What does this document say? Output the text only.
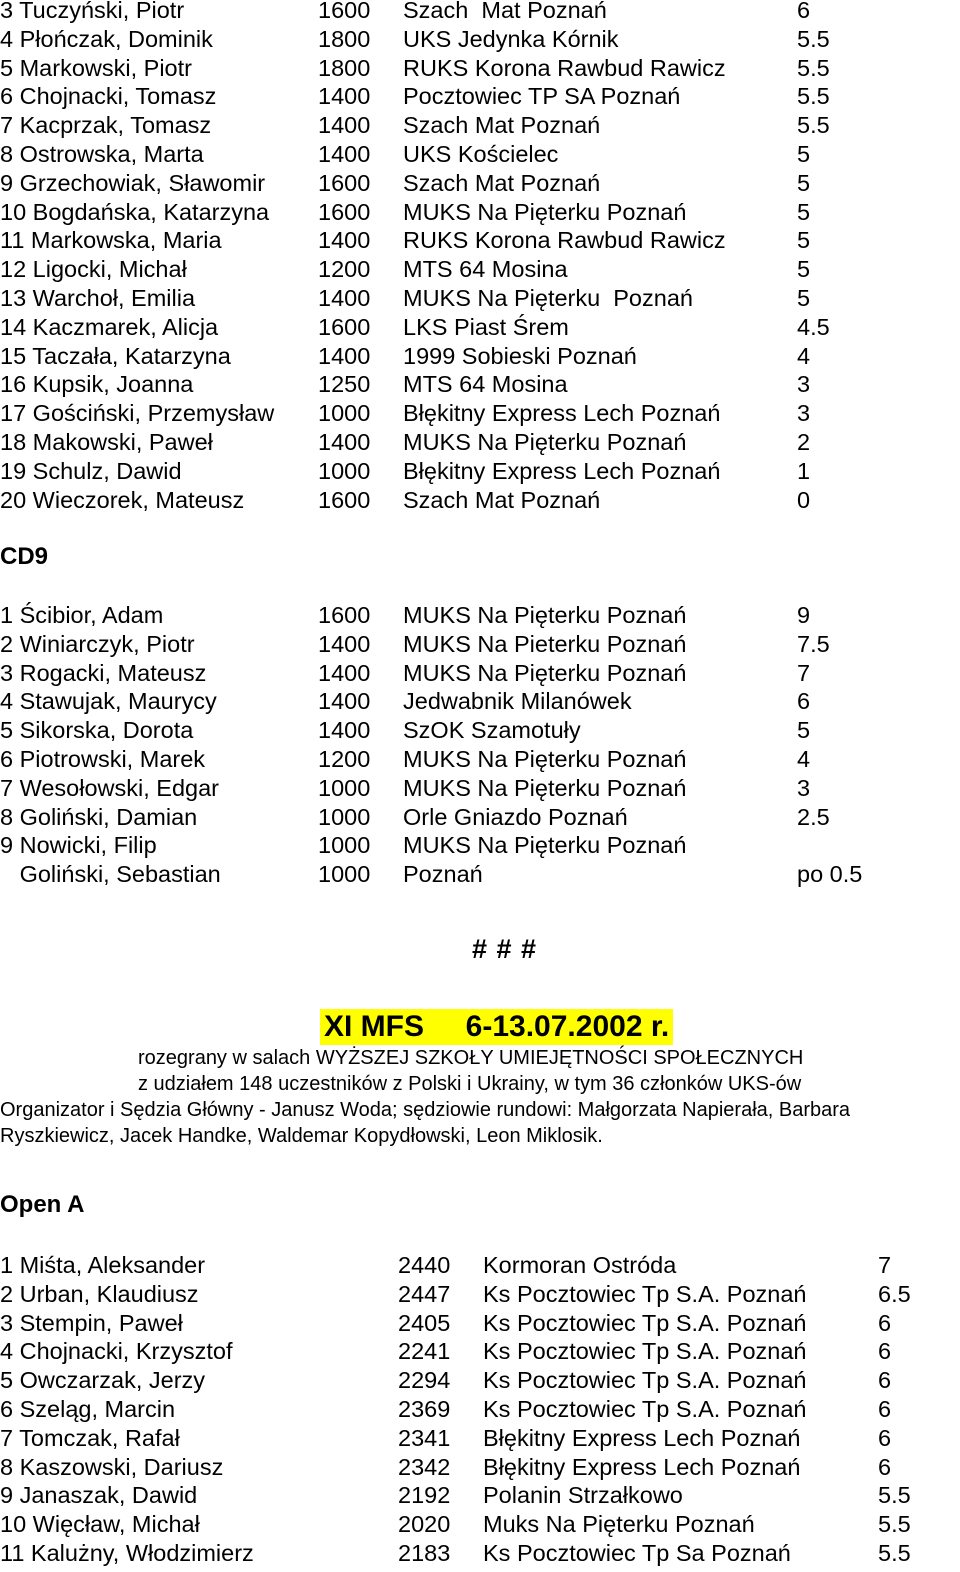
3 Tuczyński, Piotr	1600 Szach  Mat Poznań	6
4 Płończak, Dominik	1800 UKS Jedynka Kórnik	5.5
5 Markowski, Piotr	1800 RUKS Korona Rawbud Rawicz	5.5
6 Chojnacki, Tomasz	1400 Pocztowiec TP SA Poznań	5.5
7 Kacprzak, Tomasz	1400 Szach Mat Poznań	5.5
8 Ostrowska, Marta	1400 UKS Kościelec	5
9 Grzechowiak, Sławomir 1600 Szach Mat Poznań	5
10 Bogdańska, Katarzyna 1600 MUKS Na Pięterku Poznań	5
11 Markowska, Maria	1400 RUKS Korona Rawbud Rawicz	5
12 Ligocki, Michał	1200 MTS 64 Mosina	5
13 Warchoł, Emilia	1400 MUKS Na Pięterku  Poznań	5
14 Kaczmarek, Alicja	1600 LKS Piast Śrem	4.5
15 Taczała, Katarzyna	1400 1999 Sobieski Poznań	4
16 Kupsik, Joanna	1250 MTS 64 Mosina	3
17 Gościński, Przemysław 1000 Błękitny Express Lech Poznań	3
18 Makowski, Paweł	1400 MUKS Na Pięterku Poznań	2
19 Schulz, Dawid	1000 Błękitny Express Lech Poznań	1
20 Wieczorek, Mateusz	1600 Szach Mat Poznań	0
CD9
1 Ścibior, Adam	1600 MUKS Na Pięterku Poznań	9
2 Winiarczyk, Piotr	1400 MUKS Na Pieterku Poznań	7.5
3 Rogacki, Mateusz	1400 MUKS Na Pięterku Poznań	7
4 Stawujak, Maurycy	1400 Jedwabnik Milanówek	6
5 Sikorska, Dorota	1400 SzOK Szamotuły	5
6 Piotrowski, Marek	1200 MUKS Na Pięterku Poznań	4
7 Wesołowski, Edgar	1000 MUKS Na Pięterku Poznań	3
8 Goliński, Damian	1000 Orle Gniazdo Poznań	2.5
9 Nowicki, Filip	1000 MUKS Na Pięterku Poznań
Goliński, Sebastian	1000 Poznań	po 0.5
# # #
XI MFS     6-13.07.2002 r.
rozegrany w salach WYŻSZEJ SZKOŁY UMIEJĘTNOŚCI SPOŁECZNYCH
z udziałem 148 uczestników z Polski i Ukrainy, w tym 36 członków UKS-ów
Organizator i Sędzia Główny - Janusz Woda; sędziowie rundowi: Małgorzata Napierała, Barbara
Ryszkiewicz, Jacek Handke, Waldemar Kopydłowski, Leon Miklosik.
Open A
1 Miśta, Aleksander	2440 Kormoran Ostróda	7
2 Urban, Klaudiusz	2447 Ks Pocztowiec Tp S.A. Poznań	6.5
3 Stempin, Paweł	2405 Ks Pocztowiec Tp S.A. Poznań	6
4 Chojnacki, Krzysztof	2241 Ks Pocztowiec Tp S.A. Poznań	6
5 Owczarzak, Jerzy	2294 Ks Pocztowiec Tp S.A. Poznań	6
6 Szeląg, Marcin	2369 Ks Pocztowiec Tp S.A. Poznań	6
7 Tomczak, Rafał	2341 Błękitny Express Lech Poznań	6
8 Kaszowski, Dariusz	2342 Błękitny Express Lech Poznań	6
9 Janaszak, Dawid	2192 Polanin Strzałkowo	5.5
10 Więcław, Michał	2020 Muks Na Pięterku Poznań	5.5
11 Kalużny, Włodzimierz	2183 Ks Pocztowiec Tp Sa Poznań	5.5
